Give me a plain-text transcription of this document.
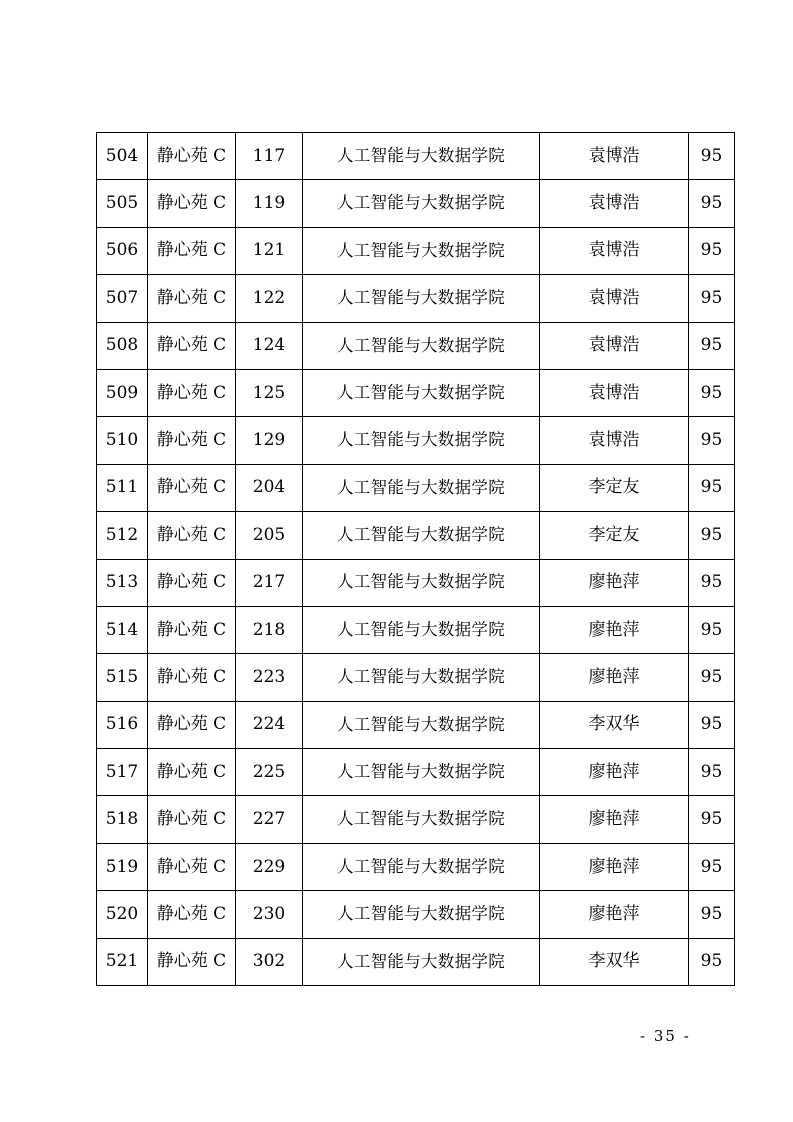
504	静心苑 C	117	人工智能与大数据学院	袁博浩	95
505	静心苑 C	119	人工智能与大数据学院	袁博浩	95
506	静心苑 C	121	人工智能与大数据学院	袁博浩	95
507	静心苑 C	122	人工智能与大数据学院	袁博浩	95
508	静心苑 C	124	人工智能与大数据学院	袁博浩	95
509	静心苑 C	125	人工智能与大数据学院	袁博浩	95
510	静心苑 C	129	人工智能与大数据学院	袁博浩	95
511	静心苑 C	204	人工智能与大数据学院	李定友	95
512	静心苑 C	205	人工智能与大数据学院	李定友	95
513	静心苑 C	217	人工智能与大数据学院	廖艳萍	95
514	静心苑 C	218	人工智能与大数据学院	廖艳萍	95
515	静心苑 C	223	人工智能与大数据学院	廖艳萍	95
516	静心苑 C	224	人工智能与大数据学院	李双华	95
517	静心苑 C	225	人工智能与大数据学院	廖艳萍	95
518	静心苑 C	227	人工智能与大数据学院	廖艳萍	95
519	静心苑 C	229	人工智能与大数据学院	廖艳萍	95
520	静心苑 C	230	人工智能与大数据学院	廖艳萍	95
521	静心苑 C	302	人工智能与大数据学院	李双华	95
- 35 -
